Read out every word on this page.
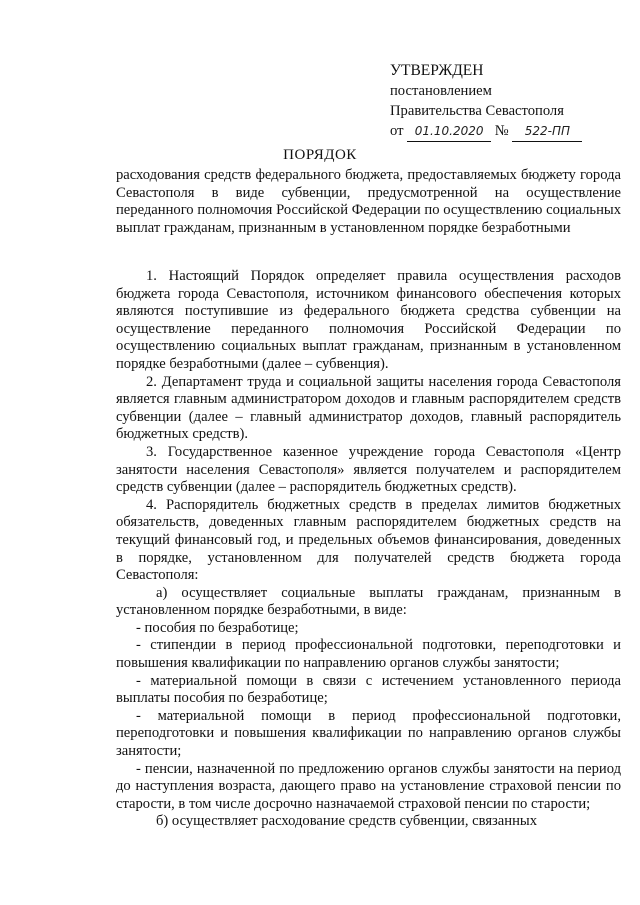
УТВЕРЖДЕН
постановлением
Правительства Севастополя
от 01.10.2020 № 522-ПП
ПОРЯДОК

расходования средств федерального бюджета, предоставляемых бюджету города Севастополя в виде субвенции, предусмотренной на осуществление переданного полномочия Российской Федерации по осуществлению социальных выплат гражданам, признанным в установленном порядке безработными

1. Настоящий Порядок определяет правила осуществления расходов бюджета города Севастополя, источником финансового обеспечения которых являются поступившие из федерального бюджета средства субвенции на осуществление переданного полномочия Российской Федерации по осуществлению социальных выплат гражданам, признанным в установленном порядке безработными (далее – субвенция).

2. Департамент труда и социальной защиты населения города Севастополя является главным администратором доходов и главным распорядителем средств субвенции (далее – главный администратор доходов, главный распорядитель бюджетных средств).

3. Государственное казенное учреждение города Севастополя «Центр занятости населения Севастополя» является получателем и распорядителем средств субвенции (далее – распорядитель бюджетных средств).

4. Распорядитель бюджетных средств в пределах лимитов бюджетных обязательств, доведенных главным распорядителем бюджетных средств на текущий финансовый год, и предельных объемов финансирования, доведенных в порядке, установленном для получателей средств бюджета города Севастополя:

а) осуществляет социальные выплаты гражданам, признанным в установленном порядке безработными, в виде:

- пособия по безработице;

- стипендии в период профессиональной подготовки, переподготовки и повышения квалификации по направлению органов службы занятости;

- материальной помощи в связи с истечением установленного периода выплаты пособия по безработице;

- материальной помощи в период профессиональной подготовки, переподготовки и повышения квалификации по направлению органов службы занятости;

- пенсии, назначенной по предложению органов службы занятости на период до наступления возраста, дающего право на установление страховой пенсии по старости, в том числе досрочно назначаемой страховой пенсии по старости;

б) осуществляет расходование средств субвенции, связанных
